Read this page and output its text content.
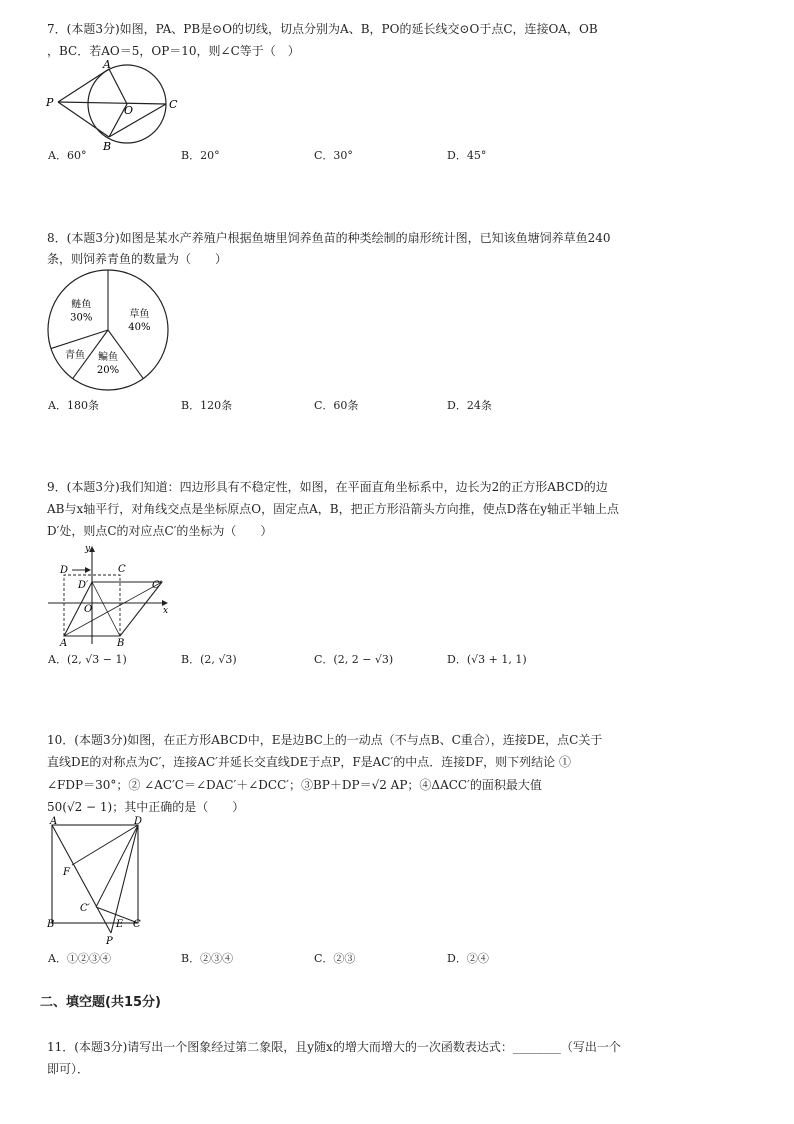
7．(本题3分)如图，PA、PB是⊙O的切线，切点分别为A、B，PO的延长线交⊙O于点C，连接OA，OB
，BC．若AO＝5，OP＝10，则∠C等于（　）
A
P
O	C
B
A．60°	B．20°	C．30°	D．45°
8．(本题3分)如图是某水产养殖户根据鱼塘里饲养鱼苗的种类绘制的扇形统计图，已知该鱼塘饲养草鱼240
条，则饲养青鱼的数量为（　　）
草鱼
40%
鳊鱼
20%
青鱼
鲢鱼
30%
A．180条	B．120条	C．60条	D．24条
9．(本题3分)我们知道：四边形具有不稳定性，如图，在平面直角坐标系中，边长为2的正方形ABCD的边
AB与x轴平行，对角线交点是坐标原点O，固定点A，B，把正方形沿箭头方向推，使点D落在y轴正半轴上点
D′处，则点C的对应点C′的坐标为（　　）
y
x
D	C
D′	C′
O
A	B
A．(2, √3 − 1)	B．(2, √3)	C．(2, 2 − √3)	D．(√3 + 1, 1)
10．(本题3分)如图，在正方形ABCD中，E是边BC上的一动点（不与点B、C重合），连接DE，点C关于
直线DE的对称点为C′，连接AC′并延长交直线DE于点P，F是AC′的中点．连接DF，则下列结论 ①
∠FDP＝30°；② ∠AC′C＝∠DAC′＋∠DCC′；③BP＋DP＝√2 AP；④ΔACC′的面积最大值
50(√2 − 1)；其中正确的是（　　）
A	D
F
C′
B	E C
P
A．①②③④	B．②③④	C．②③	D．②④
二、填空题(共15分)
11．(本题3分)请写出一个图象经过第二象限，且y随x的增大而增大的一次函数表达式：________（写出一个
即可）．
